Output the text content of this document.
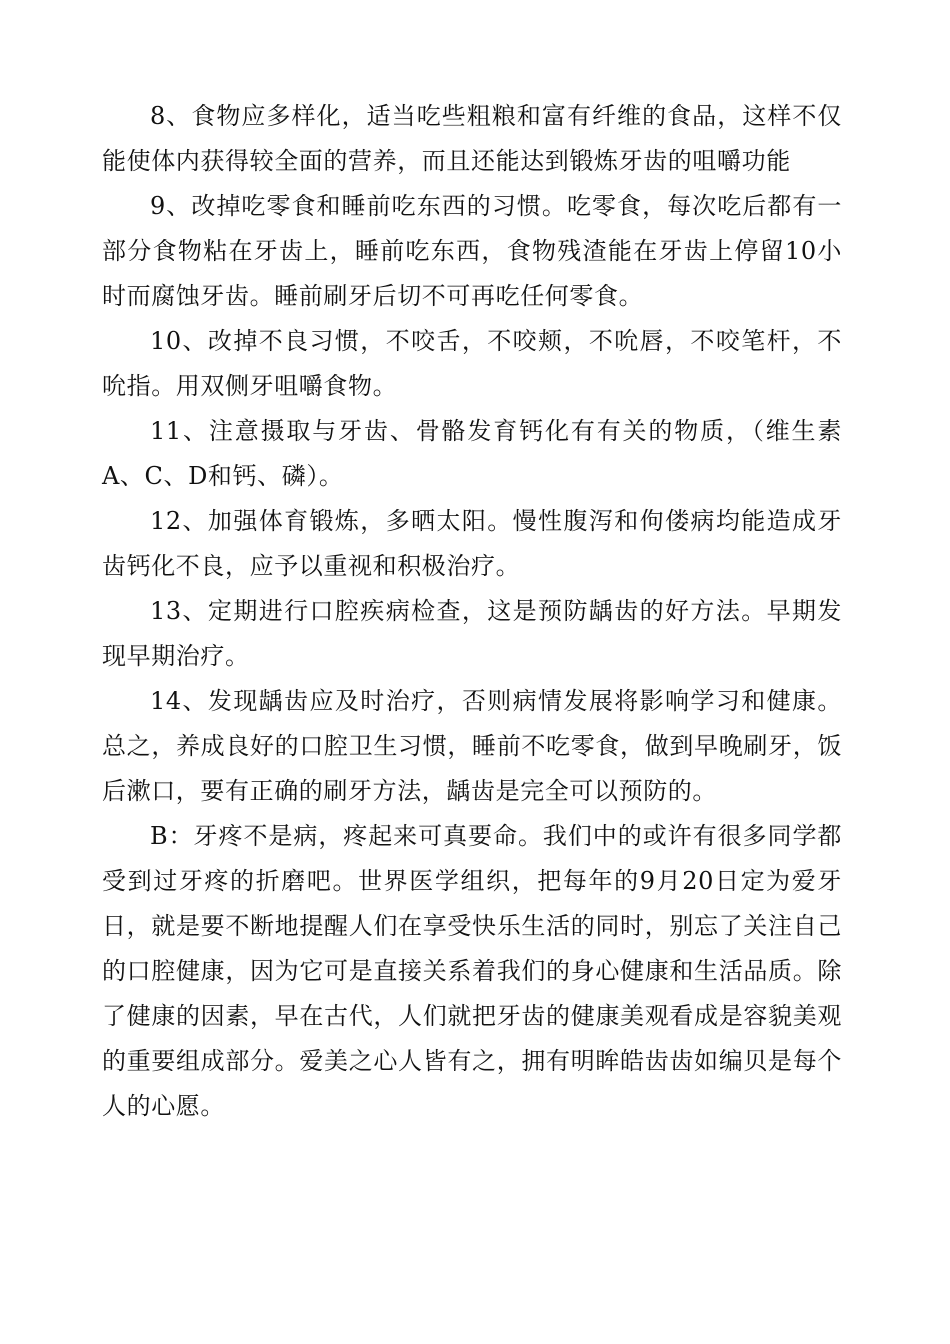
8、食物应多样化，适当吃些粗粮和富有纤维的食品，这样不仅能使体内获得较全面的营养，而且还能达到锻炼牙齿的咀嚼功能

9、改掉吃零食和睡前吃东西的习惯。吃零食，每次吃后都有一部分食物粘在牙齿上，睡前吃东西，食物残渣能在牙齿上停留10小时而腐蚀牙齿。睡前刷牙后切不可再吃任何零食。

10、改掉不良习惯，不咬舌，不咬颊，不吮唇，不咬笔杆，不吮指。用双侧牙咀嚼食物。

11、注意摄取与牙齿、骨骼发育钙化有有关的物质，（维生素A、C、D和钙、磷）。

12、加强体育锻炼，多晒太阳。慢性腹泻和佝偻病均能造成牙齿钙化不良，应予以重视和积极治疗。

13、定期进行口腔疾病检查，这是预防龋齿的好方法。早期发现早期治疗。

14、发现龋齿应及时治疗，否则病情发展将影响学习和健康。总之，养成良好的口腔卫生习惯，睡前不吃零食，做到早晚刷牙，饭后漱口，要有正确的刷牙方法，龋齿是完全可以预防的。

B：牙疼不是病，疼起来可真要命。我们中的或许有很多同学都受到过牙疼的折磨吧。世界医学组织，把每年的9月20日定为爱牙日，就是要不断地提醒人们在享受快乐生活的同时，别忘了关注自己的口腔健康，因为它可是直接关系着我们的身心健康和生活品质。除了健康的因素，早在古代，人们就把牙齿的健康美观看成是容貌美观的重要组成部分。爱美之心人皆有之，拥有明眸皓齿齿如编贝是每个人的心愿。
